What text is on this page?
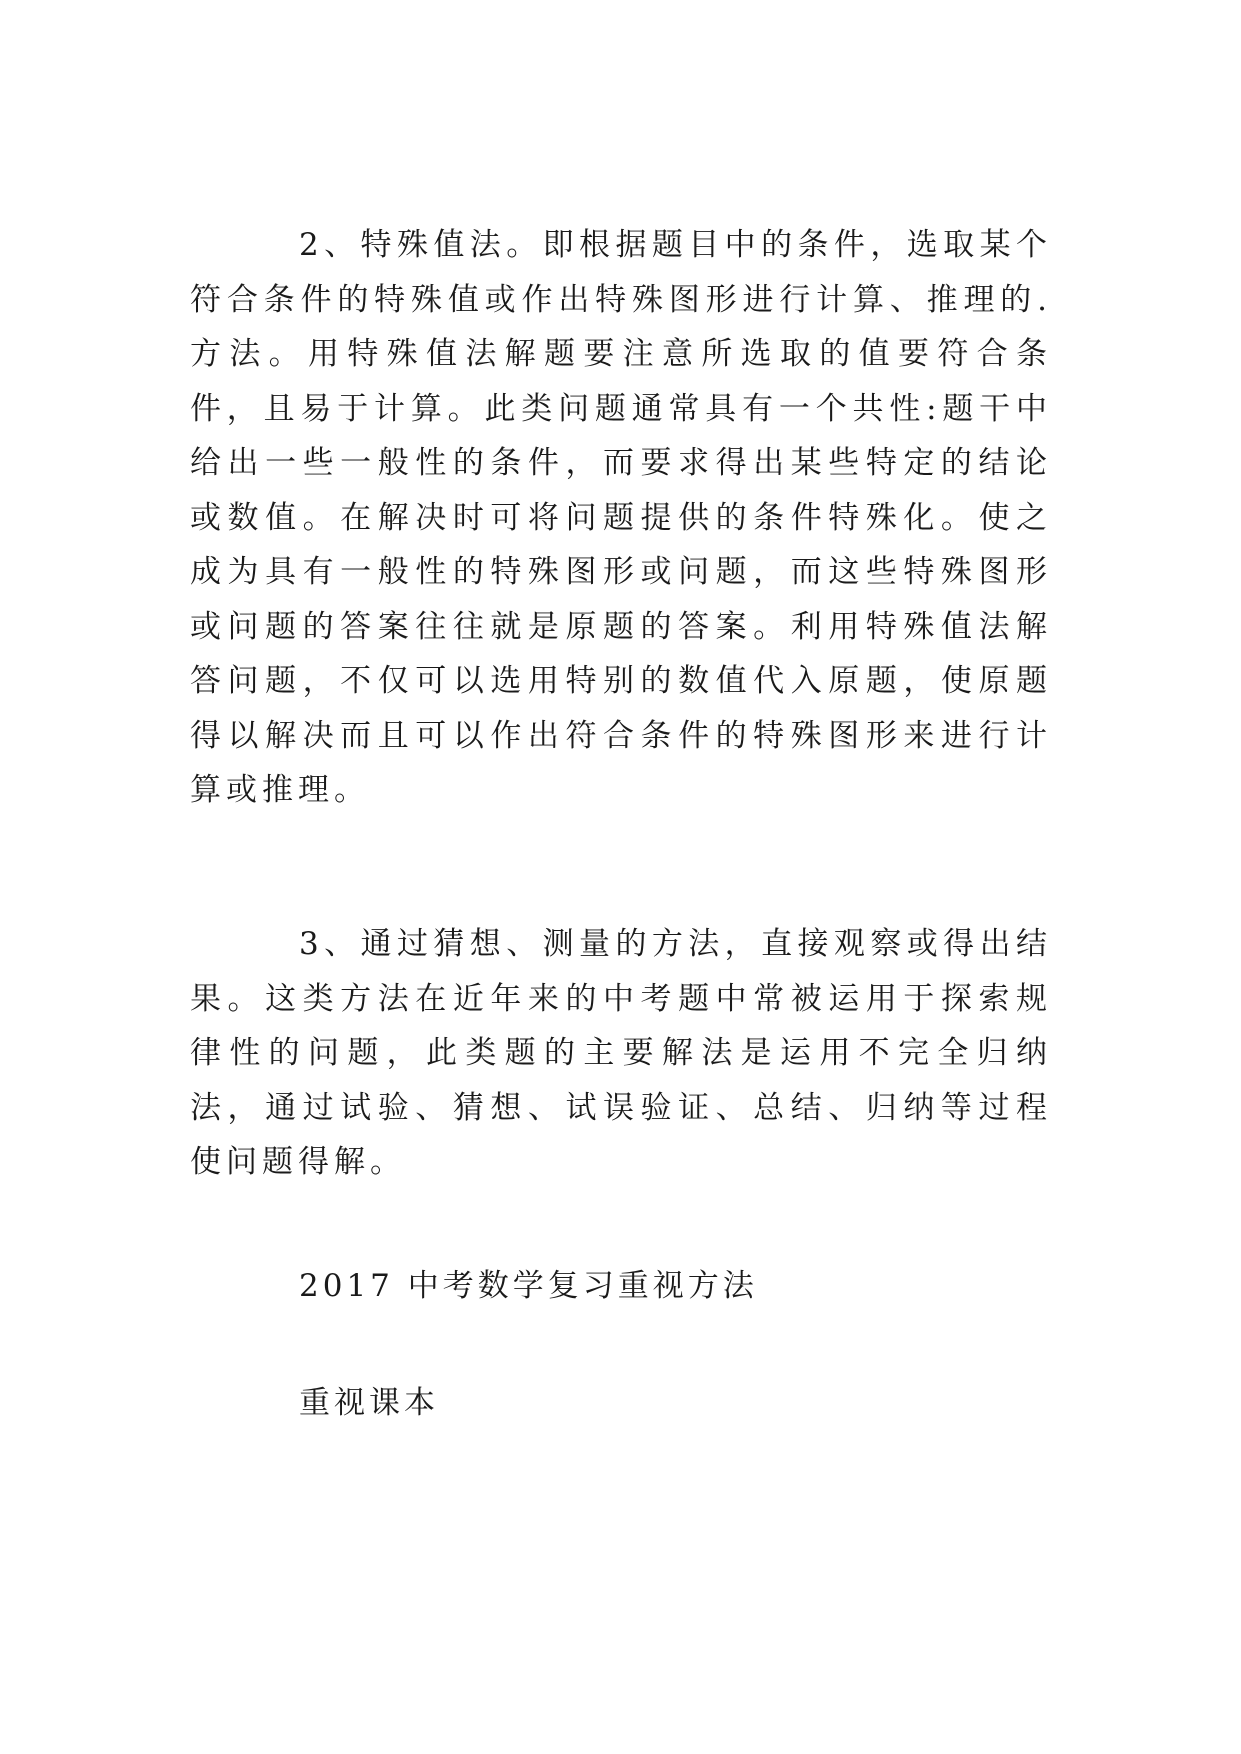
2、特殊值法。即根据题目中的条件，选取某个符合条件的特殊值或作出特殊图形进行计算、推理的.方法。用特殊值法解题要注意所选取的值要符合条件，且易于计算。此类问题通常具有一个共性:题干中给出一些一般性的条件，而要求得出某些特定的结论或数值。在解决时可将问题提供的条件特殊化。使之成为具有一般性的特殊图形或问题，而这些特殊图形或问题的答案往往就是原题的答案。利用特殊值法解答问题，不仅可以选用特别的数值代入原题，使原题得以解决而且可以作出符合条件的特殊图形来进行计算或推理。

3、通过猜想、测量的方法，直接观察或得出结果。这类方法在近年来的中考题中常被运用于探索规律性的问题，此类题的主要解法是运用不完全归纳法，通过试验、猜想、试误验证、总结、归纳等过程使问题得解。

2017 中考数学复习重视方法

重视课本
